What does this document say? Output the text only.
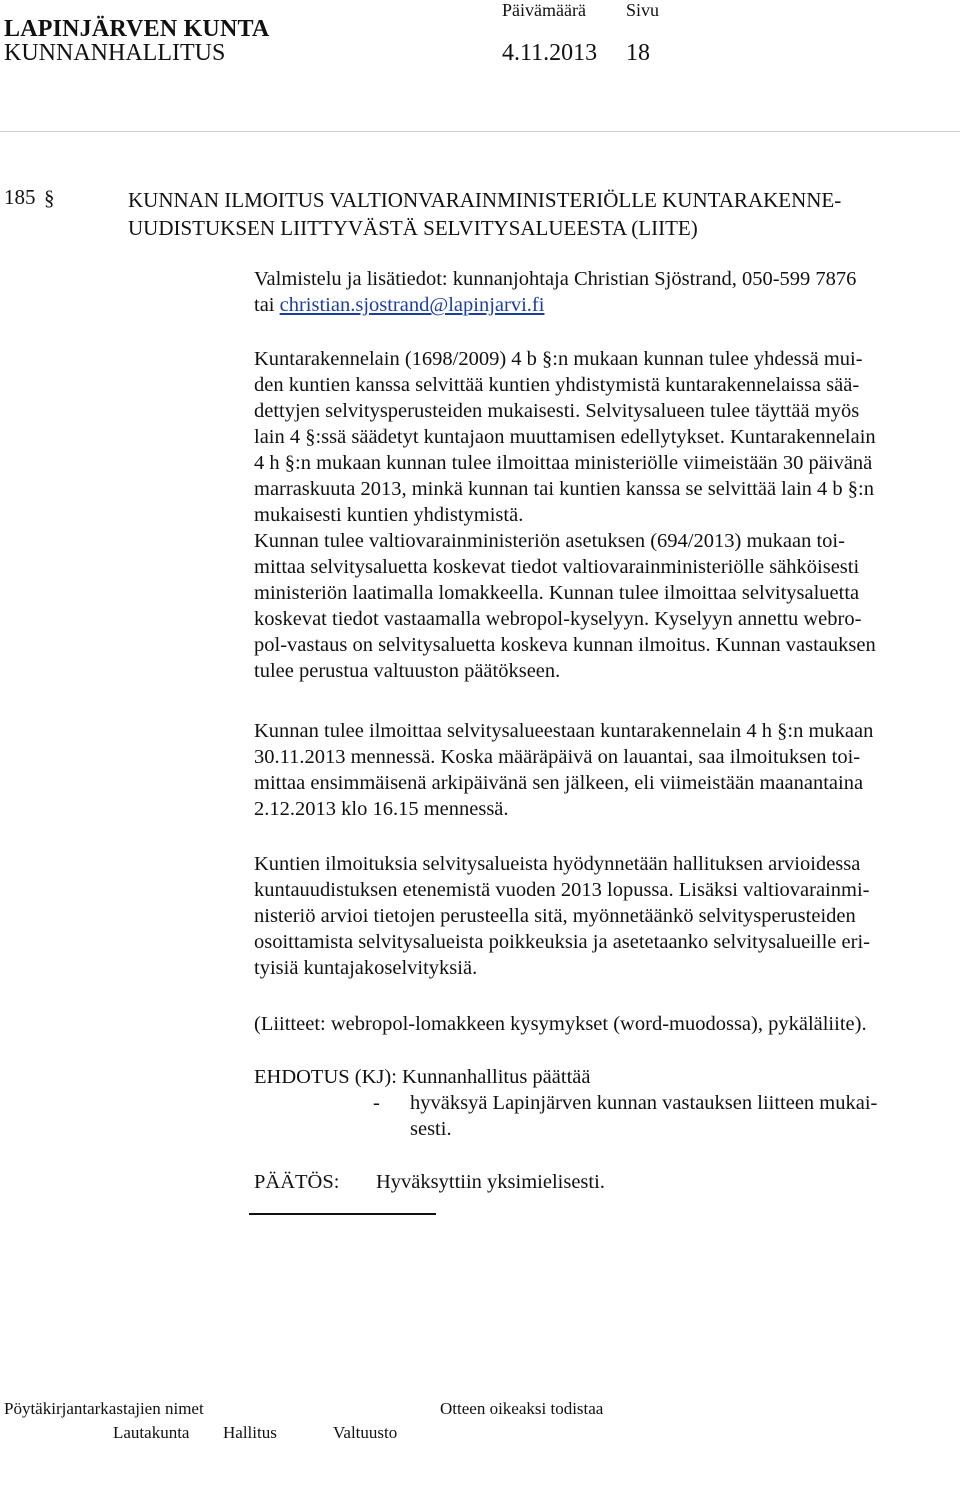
LAPINJÄRVEN KUNTA
Päivämäärä Sivu
KUNNANHALLITUS	4.11.2013 18
185 §	KUNNAN ILMOITUS VALTIONVARAINMINISTERIÖLLE KUNTARAKENNE-
UUDISTUKSEN LIITTYVÄSTÄ SELVITYSALUEESTA (LIITE)

Valmistelu ja lisätiedot: kunnanjohtaja Christian Sjöstrand, 050-599 7876

tai christian.sjostrand@lapinjarvi.fi

Kuntarakennelain (1698/2009) 4 b §:n mukaan kunnan tulee yhdessä mui-

den kuntien kanssa selvittää kuntien yhdistymistä kuntarakennelaissa sää-

dettyjen selvitysperusteiden mukaisesti. Selvitysalueen tulee täyttää myös

lain 4 §:ssä säädetyt kuntajaon muuttamisen edellytykset. Kuntarakennelain

4 h §:n mukaan kunnan tulee ilmoittaa ministeriölle viimeistään 30 päivänä

marraskuuta 2013, minkä kunnan tai kuntien kanssa se selvittää lain 4 b §:n

mukaisesti kuntien yhdistymistä.

Kunnan tulee valtiovarainministeriön asetuksen (694/2013) mukaan toi-

mittaa selvitysaluetta koskevat tiedot valtiovarainministeriölle sähköisesti

ministeriön laatimalla lomakkeella. Kunnan tulee ilmoittaa selvitysaluetta

koskevat tiedot vastaamalla webropol-kyselyyn. Kyselyyn annettu webro-

pol-vastaus on selvitysaluetta koskeva kunnan ilmoitus. Kunnan vastauksen

tulee perustua valtuuston päätökseen.

Kunnan tulee ilmoittaa selvitysalueestaan kuntarakennelain 4 h §:n mukaan

30.11.2013 mennessä. Koska määräpäivä on lauantai, saa ilmoituksen toi-

mittaa ensimmäisenä arkipäivänä sen jälkeen, eli viimeistään maanantaina

2.12.2013 klo 16.15 mennessä.

Kuntien ilmoituksia selvitysalueista hyödynnetään hallituksen arvioidessa

kuntauudistuksen etenemistä vuoden 2013 lopussa. Lisäksi valtiovarainmi-

nisteriö arvioi tietojen perusteella sitä, myönnetäänkö selvitysperusteiden

osoittamista selvitysalueista poikkeuksia ja asetetaanko selvitysalueille eri-

tyisiä kuntajakoselvityksiä.

(Liitteet: webropol-lomakkeen kysymykset (word-muodossa), pykäläliite).

EHDOTUS (KJ): Kunnanhallitus päättää

- hyväksyä Lapinjärven kunnan vastauksen liitteen mukai-
sesti.
PÄÄTÖS: Hyväksyttiin yksimielisesti.
Pöytäkirjantarkastajien nimet	Otteen oikeaksi todistaa
Lautakunta Hallitus	Valtuusto
